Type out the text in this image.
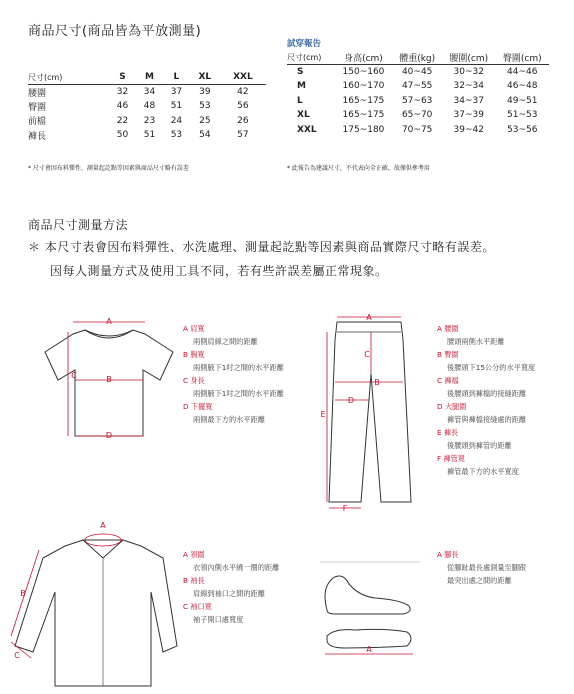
商品尺寸(商品皆為平放測量)
尺寸(cm)	S	M	L	XL	XXL
腰圍	32	34	37	39	42
臀圍	46	48	51	53	56
前檔	22	23	24	25	26
褲長	50	51	53	54	57
* 尺寸會因布料彈性、測量起訖點等因素與商品尺寸略有誤差
試穿報告
尺寸(cm)	身高(cm)	體重(kg)	腰圍(cm)	臀圍(cm)
S	150~160	40~45	30~32	44~46
M	160~170	47~55	32~34	46~48
L	165~175	57~63	34~37	49~51
XL	165~175	65~70	37~39	51~53
XXL	175~180	70~75	39~42	53~56
* 此報告為建議尺寸，不代表向全正確，故僅供參考用
商品尺寸測量方法
＊ 本尺寸表會因布料彈性、水洗處理、測量起訖點等因素與商品實際尺寸略有誤差。
因每人測量方式及使用工具不同，若有些許誤差屬正常現象。
A
B
C
D
A 肩寬
兩側肩線之間的距離
B 胸寬
兩側腋下1吋之間的水平距離
C 身長
兩側腋下1吋之間的水平距離
D 下擺寬
兩側最下方的水平距離
A
B
C
D
E
F
A 腰圍
腰頭兩側水平距離
B 臀圍
後腰頭下15公分的水平寬度
C 褲襠
後腰頭到褲檔的接縫距離
D 大腿圍
褲管與褲檔接縫處的距離
E 褲長
後腰頭到褲管的距離
F 褲管寬
褲管最下方的水平寬度
A
B
C
A 領圍
衣領內側水平繞一圈的距離
B 袖長
肩線到袖口之間的距離
C 袖口寬
袖子開口處寬度
A
A 腳長
從腳趾最長處測量至腳跟
最突出處之間的距離
